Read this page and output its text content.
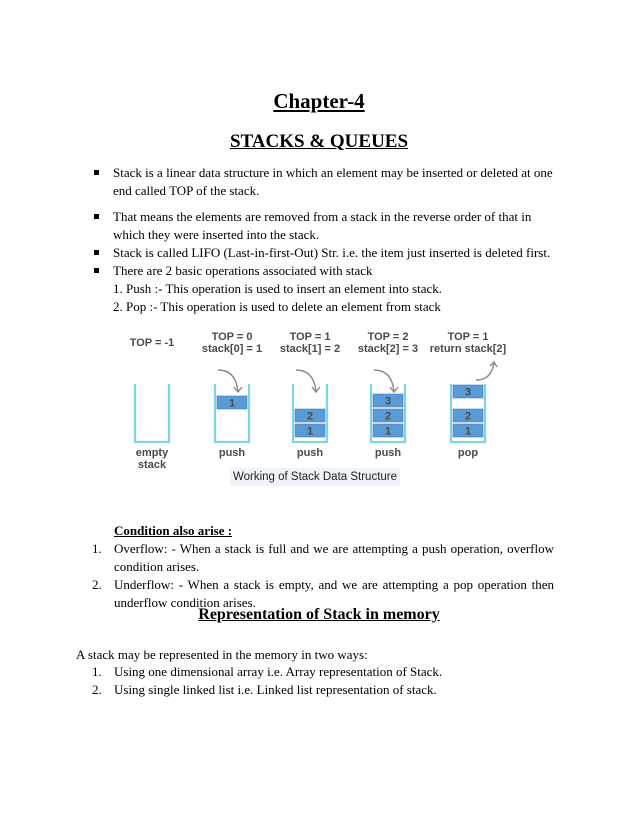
Chapter-4
STACKS & QUEUES
Stack is a linear data structure in which an element may be inserted or deleted at one end called TOP of the stack.
That means the elements are removed from a stack in the reverse order of that in which they were inserted into the stack.
Stack is called LIFO (Last-in-first-Out) Str. i.e. the item just inserted is deleted first.
There are 2 basic operations associated with stack
1. Push :- This operation is used to insert an element into stack.
2. Pop :- This operation is used to delete an element from stack
TOP = -1
empty
stack
TOP = 0
stack[0] = 1
1
push
TOP = 1
stack[1] = 2
1
2
push
TOP = 2
stack[2] = 3
1
2
3
push
TOP = 1
return stack[2]
1
2
3
pop
Working of Stack Data Structure
Condition also arise :
1. Overflow: - When a stack is full and we are attempting a push operation, overflow condition arises.
2. Underflow: - When a stack is empty, and we are attempting a pop operation then underflow condition arises.
Representation of Stack in memory
A stack may be represented in the memory in two ways:
1. Using one dimensional array i.e. Array representation of Stack.
2. Using single linked list i.e. Linked list representation of stack.
